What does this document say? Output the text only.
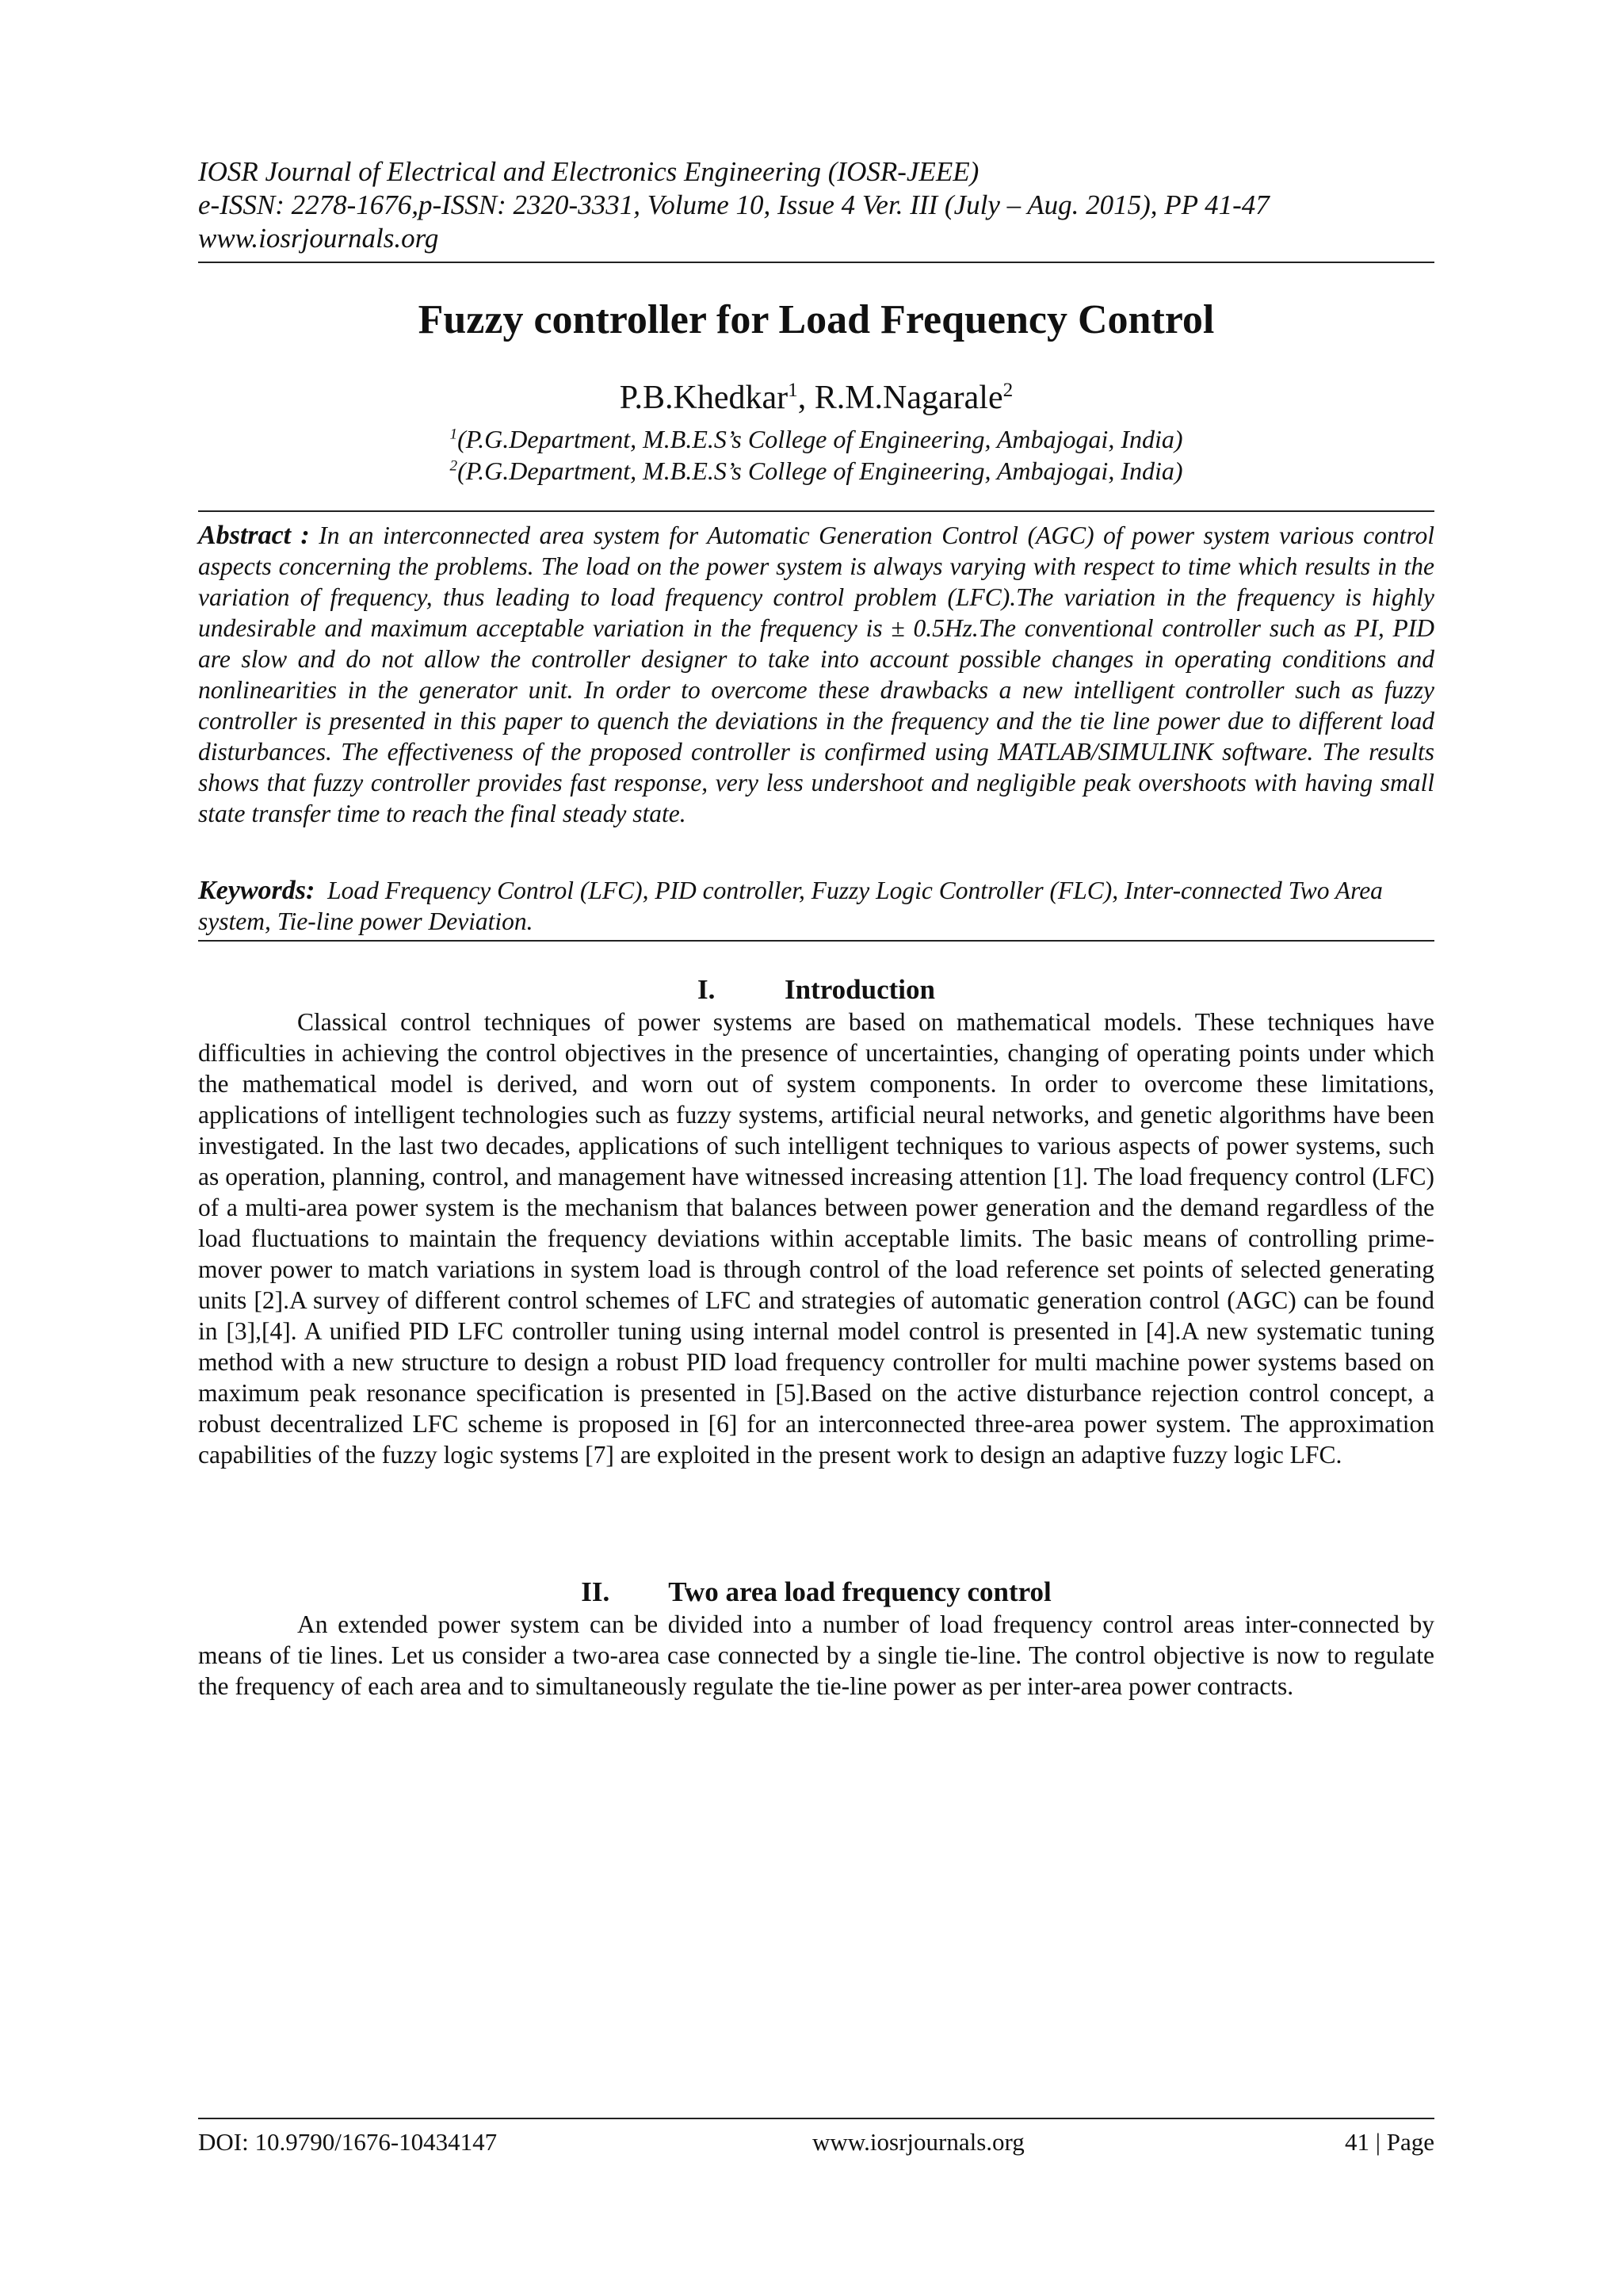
IOSR Journal of Electrical and Electronics Engineering (IOSR-JEEE)
e-ISSN: 2278-1676,p-ISSN: 2320-3331, Volume 10, Issue 4 Ver. III (July – Aug. 2015), PP 41-47
www.iosrjournals.org
Fuzzy controller for Load Frequency Control
P.B.Khedkar$^1$, R.M.Nagarale$^2$
$^1$(P.G.Department, M.B.E.S’s College of Engineering, Ambajogai, India)
$^2$(P.G.Department, M.B.E.S’s College of Engineering, Ambajogai, India)
Abstract : In an interconnected area system for Automatic Generation Control (AGC) of power system various control aspects concerning the problems. The load on the power system is always varying with respect to time which results in the variation of frequency, thus leading to load frequency control problem (LFC).The variation in the frequency is highly undesirable and maximum acceptable variation in the frequency is ± 0.5Hz.The conventional controller such as PI, PID are slow and do not allow the controller designer to take into account possible changes in operating conditions and nonlinearities in the generator unit. In order to overcome these drawbacks a new intelligent controller such as fuzzy controller is presented in this paper to quench the deviations in the frequency and the tie line power due to different load disturbances. The effectiveness of the proposed controller is confirmed using MATLAB/SIMULINK software. The results shows that fuzzy controller provides fast response, very less undershoot and negligible peak overshoots with having small state transfer time to reach the final steady state.
Keywords: Load Frequency Control (LFC), PID controller, Fuzzy Logic Controller (FLC), Inter-connected Two Area system, Tie-line power Deviation.
I.	Introduction

Classical control techniques of power systems are based on mathematical models. These techniques have difficulties in achieving the control objectives in the presence of uncertainties, changing of operating points under which the mathematical model is derived, and worn out of system components. In order to overcome these limitations, applications of intelligent technologies such as fuzzy systems, artificial neural networks, and genetic algorithms have been investigated. In the last two decades, applications of such intelligent techniques to various aspects of power systems, such as operation, planning, control, and management have witnessed increasing attention [1]. The load frequency control (LFC) of a multi-area power system is the mechanism that balances between power generation and the demand regardless of the load fluctuations to maintain the frequency deviations within acceptable limits. The basic means of controlling prime-mover power to match variations in system load is through control of the load reference set points of selected generating units [2].A survey of different control schemes of LFC and strategies of automatic generation control (AGC) can be found in [3],[4]. A unified PID LFC controller tuning using internal model control is presented in [4].A new systematic tuning method with a new structure to design a robust PID load frequency controller for multi machine power systems based on maximum peak resonance specification is presented in [5].Based on the active disturbance rejection control concept, a robust decentralized LFC scheme is proposed in [6] for an interconnected three-area power system. The approximation capabilities of the fuzzy logic systems [7] are exploited in the present work to design an adaptive fuzzy logic LFC.

II. Two area load frequency control

An extended power system can be divided into a number of load frequency control areas inter-connected by means of tie lines. Let us consider a two-area case connected by a single tie-line. The control objective is now to regulate the frequency of each area and to simultaneously regulate the tie-line power as per inter-area power contracts.

DOI: 10.9790/1676-10434147	www.iosrjournals.org	41 | Page
